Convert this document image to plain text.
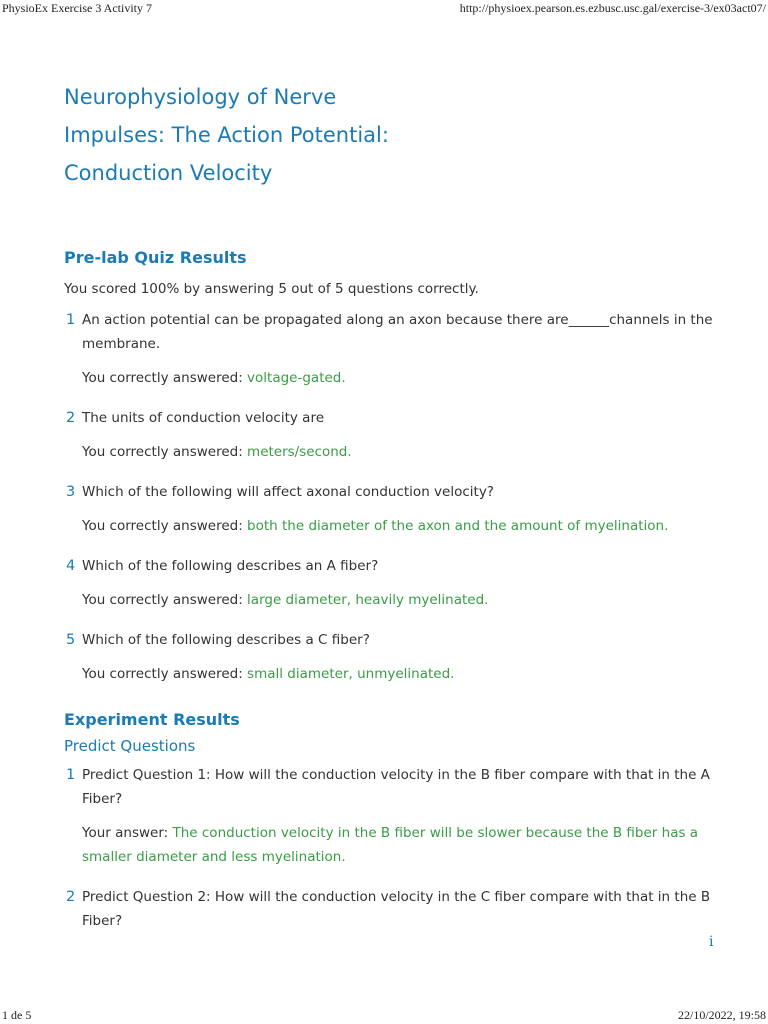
PhysioEx Exercise 3 Activity 7	http://physioex.pearson.es.ezbusc.usc.gal/exercise-3/ex03act07/
Neurophysiology of Nerve
Impulses: The Action Potential:
Conduction Velocity
Pre-lab Quiz Results

You scored 100% by answering 5 out of 5 questions correctly.

1 An action potential can be propagated along an axon because there are______channels in the membrane.
You correctly answered: voltage-gated.
2 The units of conduction velocity are
You correctly answered: meters/second.
3 Which of the following will affect axonal conduction velocity?
You correctly answered: both the diameter of the axon and the amount of myelination.
4 Which of the following describes an A fiber?
You correctly answered: large diameter, heavily myelinated.
5 Which of the following describes a C fiber?
You correctly answered: small diameter, unmyelinated.
Experiment Results
Predict Questions
1 Predict Question 1: How will the conduction velocity in the B fiber compare with that in the A Fiber?
Your answer: The conduction velocity in the B fiber will be slower because the B fiber has a smaller diameter and less myelination.
2 Predict Question 2: How will the conduction velocity in the C fiber compare with that in the B Fiber?
i
1 de 5	22/10/2022, 19:58
